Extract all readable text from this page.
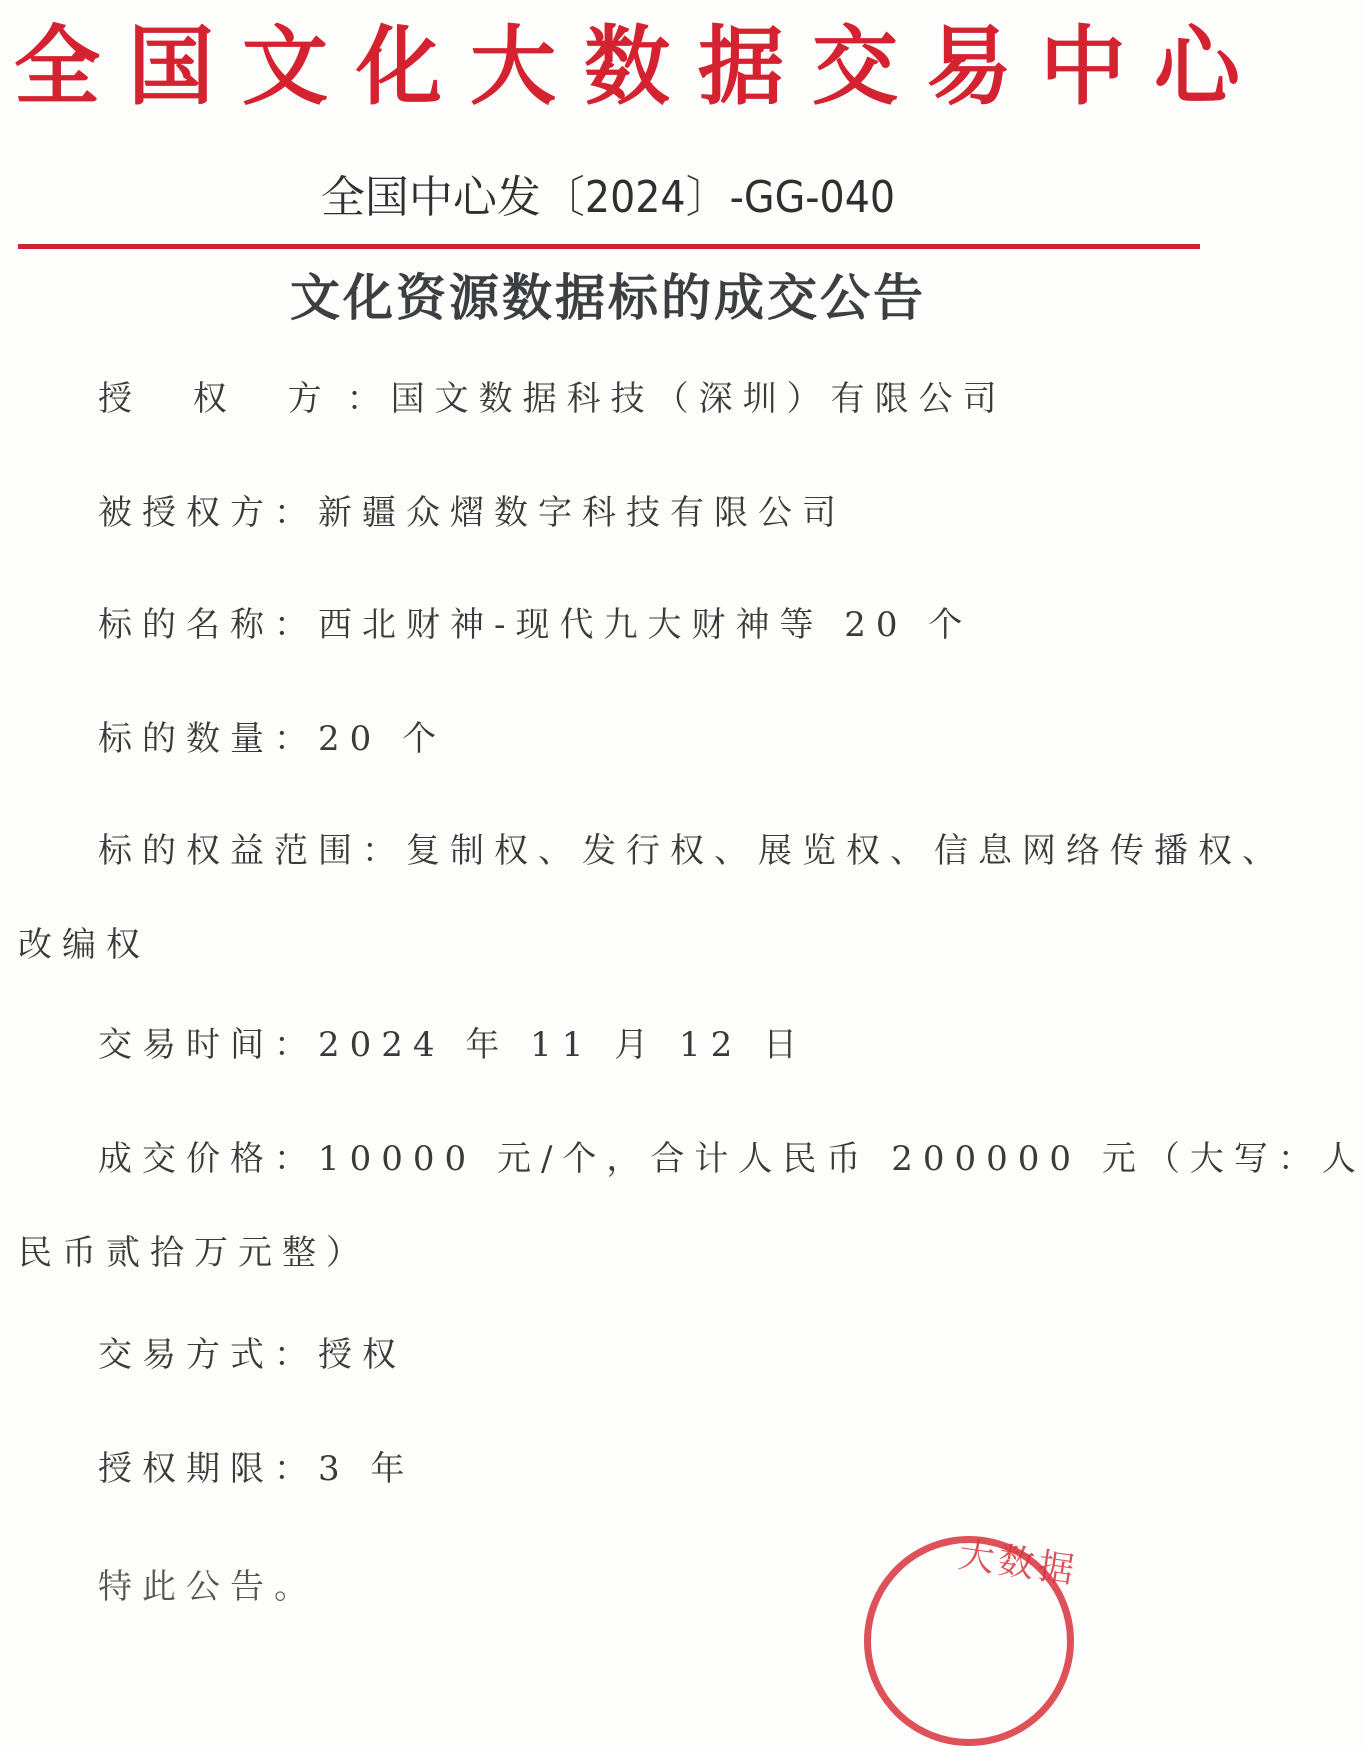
全国文化大数据交易中心
全国中心发〔2024〕-GG-040
文化资源数据标的成交公告
授 权 方：国文数据科技（深圳）有限公司
被授权方：新疆众熠数字科技有限公司
标的名称：西北财神-现代九大财神等 20 个
标的数量：20 个
标的权益范围：复制权、发行权、展览权、信息网络传播权、
改编权
交易时间：2024 年 11 月 12 日
成交价格：10000 元/个，合计人民币 200000 元（大写：人
民币贰拾万元整）
交易方式：授权
授权期限：3 年
特此公告。	大数据
